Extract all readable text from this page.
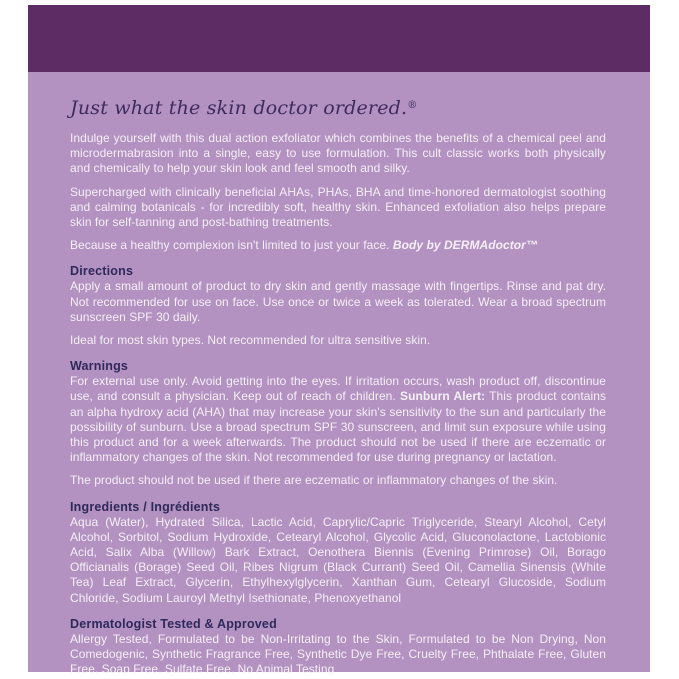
Just what the skin doctor ordered.®

Indulge yourself with this dual action exfoliator which combines the benefits of a chemical peel and microdermabrasion into a single, easy to use formulation. This cult classic works both physically and chemically to help your skin look and feel smooth and silky.

Supercharged with clinically beneficial AHAs, PHAs, BHA and time-honored dermatologist soothing and calming botanicals - for incredibly soft, healthy skin. Enhanced exfoliation also helps prepare skin for self-tanning and post-bathing treatments.

Because a healthy complexion isn't limited to just your face. Body by DERMAdoctor™

Directions

Apply a small amount of product to dry skin and gently massage with fingertips. Rinse and pat dry. Not recommended for use on face. Use once or twice a week as tolerated. Wear a broad spectrum sunscreen SPF 30 daily.

Ideal for most skin types. Not recommended for ultra sensitive skin.

Warnings

For external use only. Avoid getting into the eyes. If irritation occurs, wash product off, discontinue use, and consult a physician. Keep out of reach of children. Sunburn Alert: This product contains an alpha hydroxy acid (AHA) that may increase your skin's sensitivity to the sun and particularly the possibility of sunburn. Use a broad spectrum SPF 30 sunscreen, and limit sun exposure while using this product and for a week afterwards. The product should not be used if there are eczematic or inflammatory changes of the skin. Not recommended for use during pregnancy or lactation.

The product should not be used if there are eczematic or inflammatory changes of the skin.

Ingredients / Ingrédients

Aqua (Water), Hydrated Silica, Lactic Acid, Caprylic/Capric Triglyceride, Stearyl Alcohol, Cetyl Alcohol, Sorbitol, Sodium Hydroxide, Cetearyl Alcohol, Glycolic Acid, Gluconolactone, Lactobionic Acid, Salix Alba (Willow) Bark Extract, Oenothera Biennis (Evening Primrose) Oil, Borago Officianalis (Borage) Seed Oil, Ribes Nigrum (Black Currant) Seed Oil, Camellia Sinensis (White Tea) Leaf Extract, Glycerin, Ethylhexylglycerin, Xanthan Gum, Cetearyl Glucoside, Sodium Chloride, Sodium Lauroyl Methyl Isethionate, Phenoxyethanol

Dermatologist Tested & Approved

Allergy Tested, Formulated to be Non-Irritating to the Skin, Formulated to be Non Drying, Non Comedogenic, Synthetic Fragrance Free, Synthetic Dye Free, Cruelty Free, Phthalate Free, Gluten Free, Soap Free, Sulfate Free, No Animal Testing
